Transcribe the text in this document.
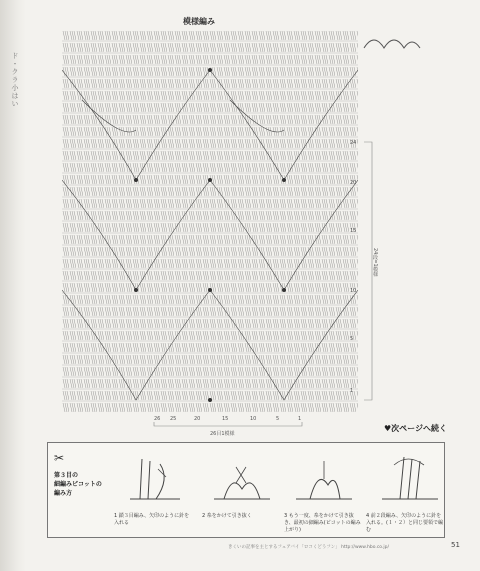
ド・クラ小はい
模様編み
24
20
15
10
5
1
24段=1模様
26 25	20	15	10	5	1
26目1模様
♥次ページへ続く
✂
第３目の
細編みピコットの
編み方
1 鎖３目編み、矢印のように針を入れる
2 糸をかけて引き抜く	3 もう一度、糸をかけて引き抜き、最初の細編み(ピコットの編み上がり)
4 前２段編み、矢印のように針を入れる。(１・２）と同じ要領で編む
きくいの記事を主とするフェアバイ「ロコくどうフン」 http://www.hbo.co.jp/	51
